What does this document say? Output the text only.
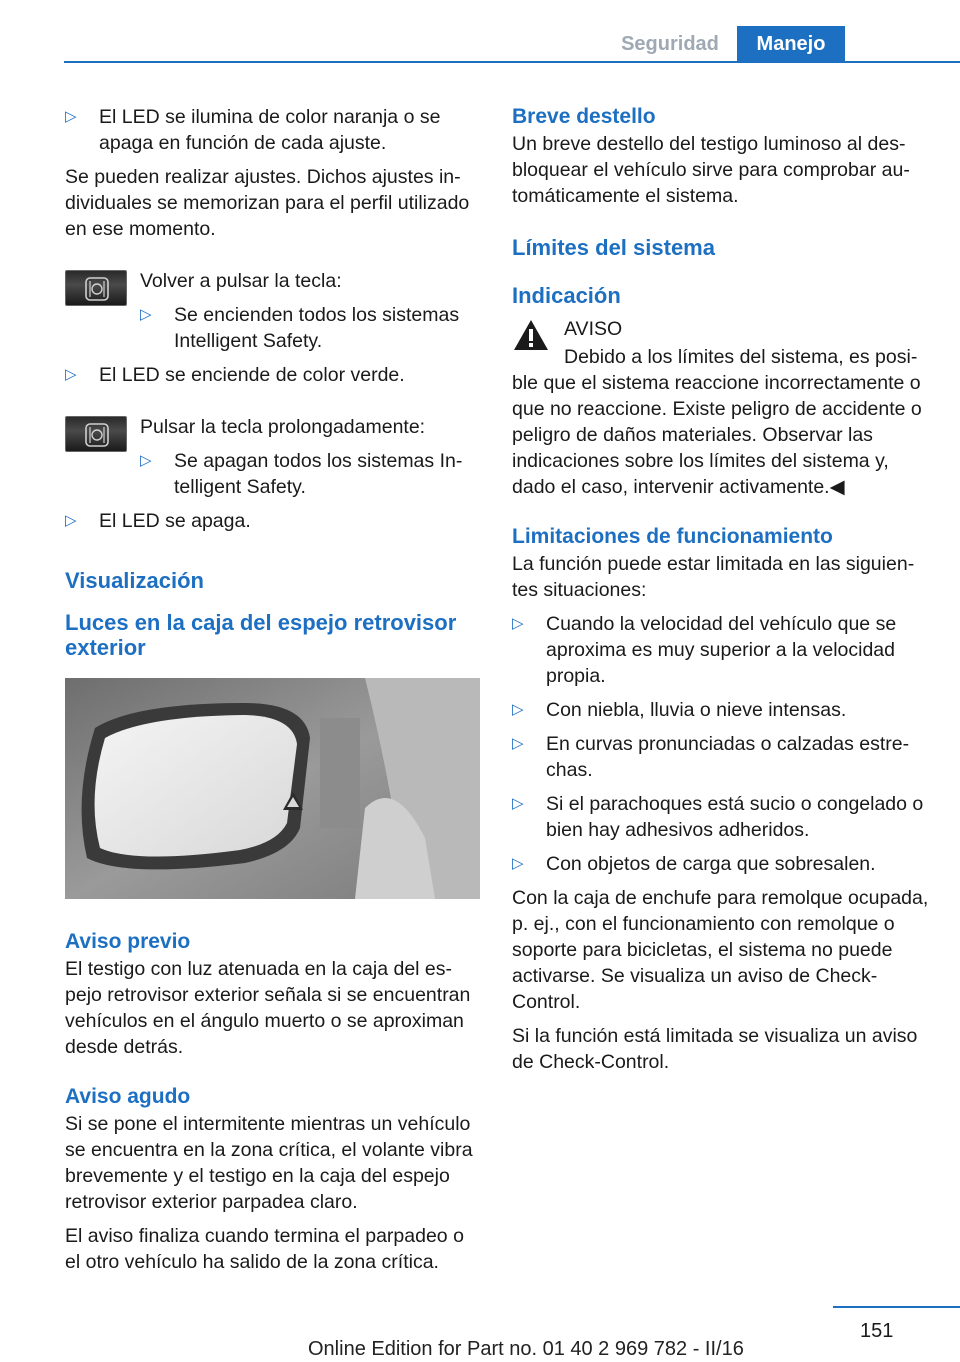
Seguridad	Manejo
▷ El LED se ilumina de color naranja o se apaga en función de cada ajuste.

Se pueden realizar ajustes. Dichos ajustes individuales se memorizan para el perfil utilizado en ese momento.

Volver a pulsar la tecla:

▷ Se encienden todos los sistemas Intelligent Safety.
▷ El LED se enciende de color verde.

Pulsar la tecla prolongadamente:

▷ Se apagan todos los sistemas Intelligent Safety.
▷ El LED se apaga.
Visualización
Luces en la caja del espejo retrovisor exterior
Aviso previo

El testigo con luz atenuada en la caja del espejo retrovisor exterior señala si se encuentran vehículos en el ángulo muerto o se aproximan desde detrás.

Aviso agudo

Si se pone el intermitente mientras un vehículo se encuentra en la zona crítica, el volante vibra brevemente y el testigo en la caja del espejo retrovisor exterior parpadea claro.

El aviso finaliza cuando termina el parpadeo o el otro vehículo ha salido de la zona crítica.

Breve destello

Un breve destello del testigo luminoso al desbloquear el vehículo sirve para comprobar automáticamente el sistema.

Límites del sistema
Indicación
AVISO

Debido a los límites del sistema, es posible que el sistema reaccione incorrectamente o que no reaccione. Existe peligro de accidente o peligro de daños materiales. Observar las indicaciones sobre los límites del sistema y, dado el caso, intervenir activamente.◀

Limitaciones de funcionamiento

La función puede estar limitada en las siguientes situaciones:

▷ Cuando la velocidad del vehículo que se aproxima es muy superior a la velocidad propia.
▷ Con niebla, lluvia o nieve intensas.
▷ En curvas pronunciadas o calzadas estrechas.
▷ Si el parachoques está sucio o congelado o bien hay adhesivos adheridos.
▷ Con objetos de carga que sobresalen.

Con la caja de enchufe para remolque ocupada, p. ej., con el funcionamiento con remolque o soporte para bicicletas, el sistema no puede activarse. Se visualiza un aviso de Check-Control.

Si la función está limitada se visualiza un aviso de Check-Control.

151
Online Edition for Part no. 01 40 2 969 782 - II/16
